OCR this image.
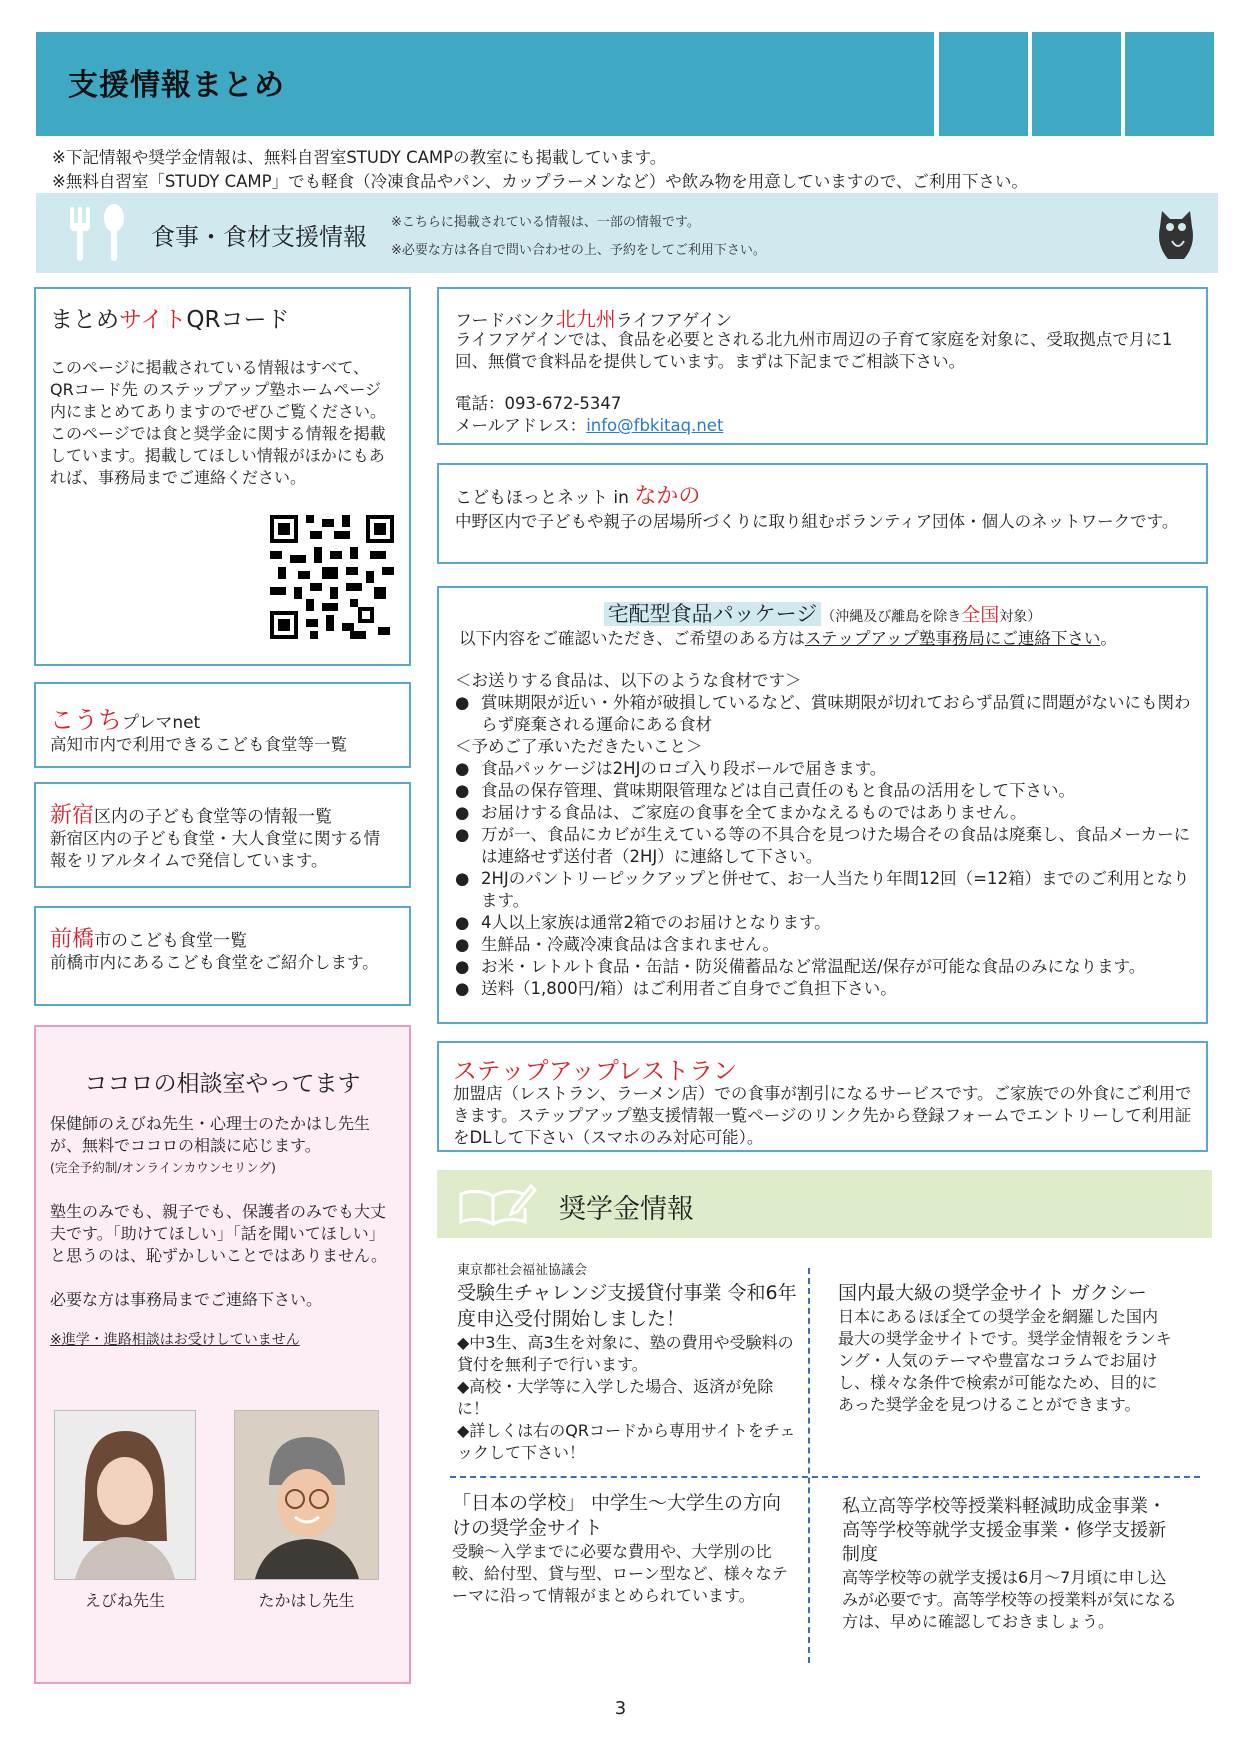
支援情報まとめ
※下記情報や奨学金情報は、無料自習室STUDY CAMPの教室にも掲載しています。
※無料自習室「STUDY CAMP」でも軽食（冷凍食品やパン、カップラーメンなど）や飲み物を用意していますので、ご利用下さい。
食事・食材支援情報
※こちらに掲載されている情報は、一部の情報です。
※必要な方は各自で問い合わせの上、予約をしてご利用下さい。
まとめサイトQRコード
このページに掲載されている情報はすべて、QRコード先 のステップアップ塾ホームページ内にまとめてありますのでぜひご覧ください。このページでは食と奨学金に関する情報を掲載しています。掲載してほしい情報がほかにもあれば、事務局までご連絡ください。
こうちプレマnet
高知市内で利用できるこども食堂等一覧
新宿区内の子ども食堂等の情報一覧
新宿区内の子ども食堂・大人食堂に関する情報をリアルタイムで発信しています。
前橋市のこども食堂一覧
前橋市内にあるこども食堂をご紹介します。
ココロの相談室やってます
保健師のえびね先生・心理士のたかはし先生が、無料でココロの相談に応じます。
(完全予約制/オンラインカウンセリング)
塾生のみでも、親子でも、保護者のみでも大丈夫です。「助けてほしい」「話を聞いてほしい」と思うのは、恥ずかしいことではありません。
必要な方は事務局までご連絡下さい。
※進学・進路相談はお受けしていません
えびね先生	たかはし先生
フードバンク北九州ライフアゲイン
ライフアゲインでは、食品を必要とされる北九州市周辺の子育て家庭を対象に、受取拠点で月に1回、無償で食料品を提供しています。まずは下記までご相談下さい。
電話：093-672-5347
メールアドレス：info@fbkitaq.net
こどもほっとネット in なかの
中野区内で子どもや親子の居場所づくりに取り組むボランティア団体・個人のネットワークです。
宅配型食品パッケージ （沖縄及び離島を除き全国対象）
以下内容をご確認いただき、ご希望のある方はステップアップ塾事務局にご連絡下さい。
＜お送りする食品は、以下のような食材です＞
● 賞味期限が近い・外箱が破損しているなど、賞味期限が切れておらず品質に問題がないにも関わらず廃棄される運命にある食材
＜予めご了承いただきたいこと＞
● 食品パッケージは2HJのロゴ入り段ボールで届きます。
● 食品の保存管理、賞味期限管理などは自己責任のもと食品の活用をして下さい。
● お届けする食品は、ご家庭の食事を全てまかなえるものではありません。
● 万が一、食品にカビが生えている等の不具合を見つけた場合その食品は廃棄し、食品メーカーには連絡せず送付者（2HJ）に連絡して下さい。
● 2HJのパントリーピックアップと併せて、お一人当たり年間12回（=12箱）までのご利用となります。
● 4人以上家族は通常2箱でのお届けとなります。
● 生鮮品・冷蔵冷凍食品は含まれません。
● お米・レトルト食品・缶詰・防災備蓄品など常温配送/保存が可能な食品のみになります。
● 送料（1,800円/箱）はご利用者ご自身でご負担下さい。
ステップアップレストラン
加盟店（レストラン、ラーメン店）での食事が割引になるサービスです。ご家族での外食にご利用できます。ステップアップ塾支援情報一覧ページのリンク先から登録フォームでエントリーして利用証をDLして下さい（スマホのみ対応可能）。
奨学金情報
東京都社会福祉協議会
受験生チャレンジ支援貸付事業 令和6年度申込受付開始しました！
◆中3生、高3生を対象に、塾の費用や受験料の貸付を無利子で行います。
◆高校・大学等に入学した場合、返済が免除に！
◆詳しくは右のQRコードから専用サイトをチェックして下さい！
国内最大級の奨学金サイト ガクシー
日本にあるほぼ全ての奨学金を網羅した国内最大の奨学金サイトです。奨学金情報をランキング・人気のテーマや豊富なコラムでお届けし、様々な条件で検索が可能なため、目的にあった奨学金を見つけることができます。
「日本の学校」 中学生～大学生の方向けの奨学金サイト
受験～入学までに必要な費用や、大学別の比較、給付型、貸与型、ローン型など、様々なテーマに沿って情報がまとめられています。
私立高等学校等授業料軽減助成金事業・高等学校等就学支援金事業・修学支援新制度
高等学校等の就学支援は6月～7月頃に申し込みが必要です。高等学校等の授業料が気になる方は、早めに確認しておきましょう。
3
